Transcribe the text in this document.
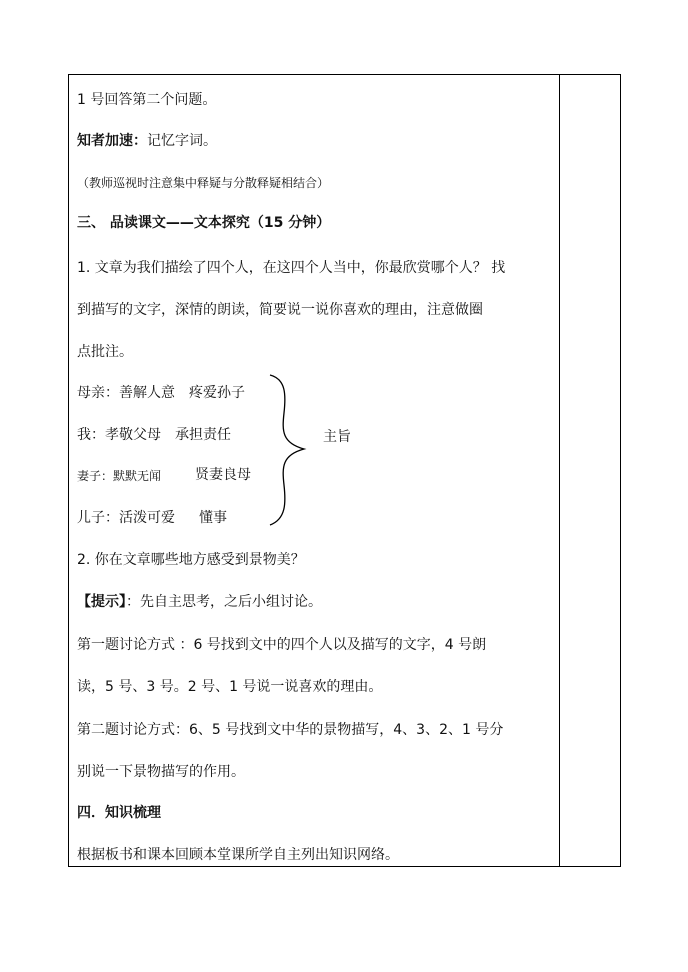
1 号回答第二个问题。
知者加速：记忆字词。
（教师巡视时注意集中释疑与分散释疑相结合）
三、 品读课文——文本探究（15 分钟）
1. 文章为我们描绘了四个人，在这四个人当中，你最欣赏哪个人？ 找
到描写的文字，深情的朗读，简要说一说你喜欢的理由，注意做圈
点批注。
母亲：善解人意 疼爱孙子
我：孝敬父母 承担责任
妻子：默默无闻 贤妻良母
儿子：活泼可爱 懂事
主旨
2. 你在文章哪些地方感受到景物美？
【提示】：先自主思考，之后小组讨论。
第一题讨论方式 ：6 号找到文中的四个人以及描写的文字，4 号朗
读，5 号、3 号。2 号、1 号说一说喜欢的理由。
第二题讨论方式：6、5 号找到文中华的景物描写，4、3、2、1 号分
别说一下景物描写的作用。
四．知识梳理
根据板书和课本回顾本堂课所学自主列出知识网络。
